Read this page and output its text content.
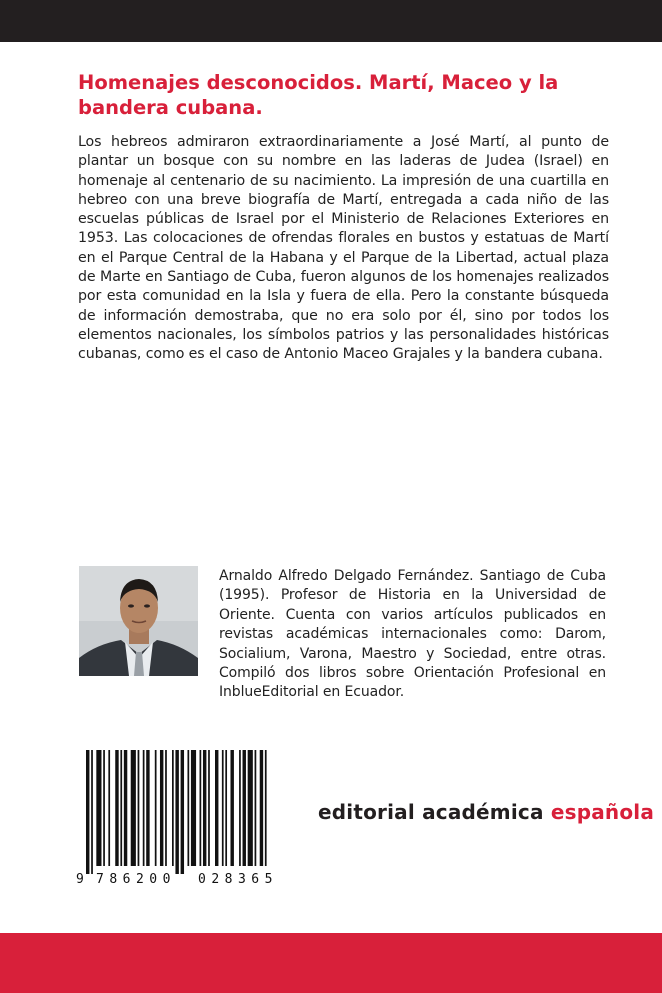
Homenajes desconocidos. Martí, Maceo y la bandera cubana.

Los hebreos admiraron extraordinariamente a José Martí, al punto de plantar un bosque con su nombre en las laderas de Judea (Israel) en homenaje al centenario de su nacimiento. La impresión de una cuartilla en hebreo con una breve biografía de Martí, entregada a cada niño de las escuelas públicas de Israel por el Ministerio de Relaciones Exteriores en 1953. Las colocaciones de ofrendas florales en bustos y estatuas de Martí en el Parque Central de la Habana y el Parque de la Libertad, actual plaza de Marte en Santiago de Cuba, fueron algunos de los homenajes realizados por esta comunidad en la Isla y fuera de ella. Pero la constante búsqueda de información demostraba, que no era solo por él, sino por todos los elementos nacionales, los símbolos patrios y las personalidades históricas cubanas, como es el caso de Antonio Maceo Grajales y la bandera cubana.

Arnaldo Alfredo Delgado Fernández. Santiago de Cuba (1995). Profesor de Historia en la Universidad de Oriente. Cuenta con varios artículos publicados en revistas académicas internacionales como: Darom, Socialium, Varona, Maestro y Sociedad, entre otras. Compiló dos libros sobre Orientación Profesional en InblueEditorial en Ecuador.

9 786200 028365
editorial académica española
